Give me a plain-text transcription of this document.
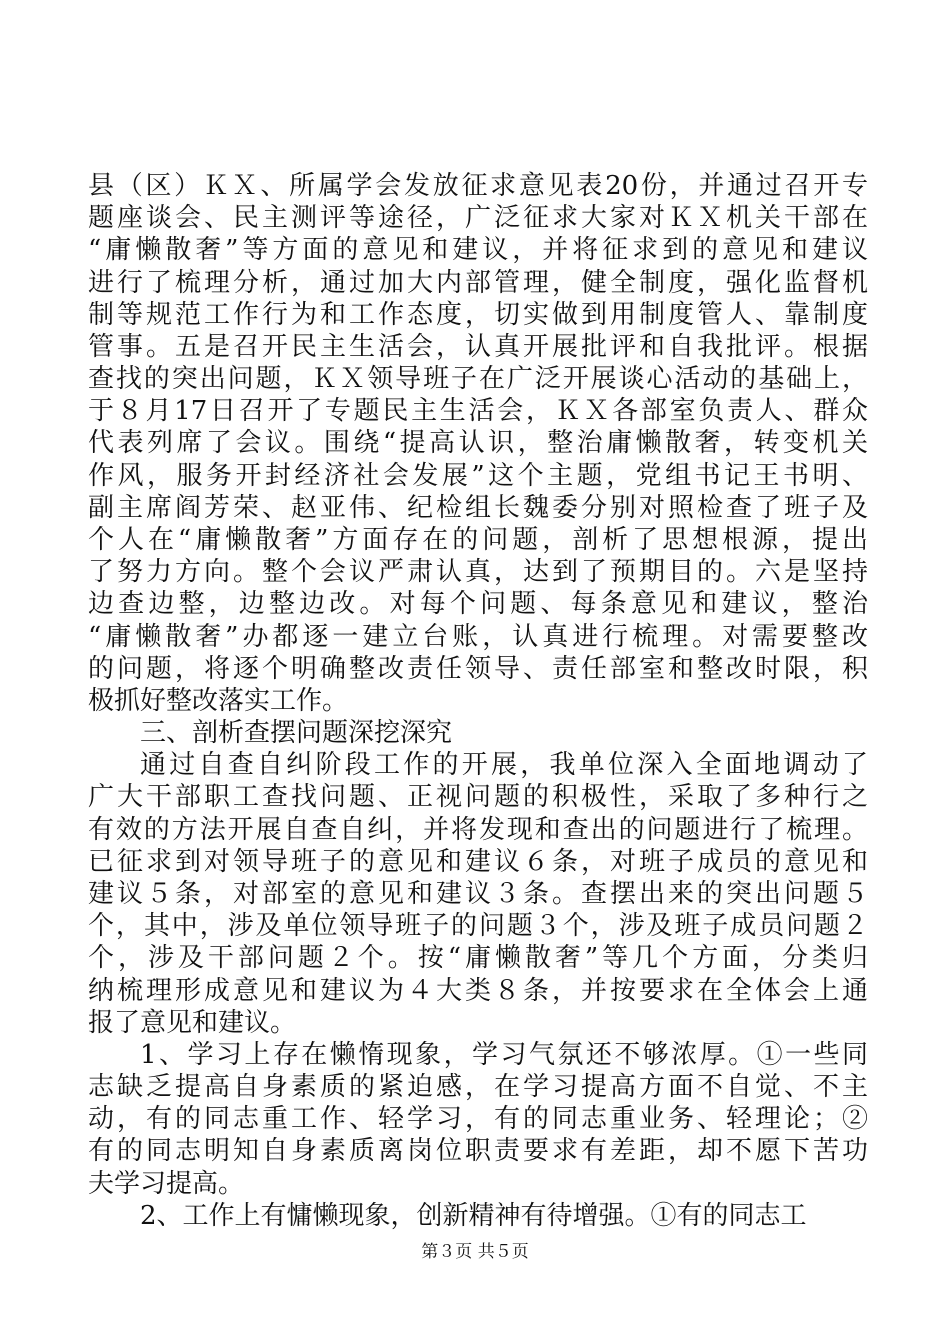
县（区）ＫＸ、所属学会发放征求意见表20份，并通过召开专
题座谈会、民主测评等途径，广泛征求大家对ＫＸ机关干部在
“庸懒散奢”等方面的意见和建议，并将征求到的意见和建议
进行了梳理分析，通过加大内部管理，健全制度，强化监督机
制等规范工作行为和工作态度，切实做到用制度管人、靠制度
管事。五是召开民主生活会，认真开展批评和自我批评。根据
查找的突出问题，ＫＸ领导班子在广泛开展谈心活动的基础上，
于８月17日召开了专题民主生活会，ＫＸ各部室负责人、群众
代表列席了会议。围绕“提高认识，整治庸懒散奢，转变机关
作风，服务开封经济社会发展”这个主题，党组书记王书明、
副主席阎芳荣、赵亚伟、纪检组长魏委分别对照检查了班子及
个人在“庸懒散奢”方面存在的问题，剖析了思想根源，提出
了努力方向。整个会议严肃认真，达到了预期目的。六是坚持
边查边整，边整边改。对每个问题、每条意见和建议，整治
“庸懒散奢”办都逐一建立台账，认真进行梳理。对需要整改
的问题，将逐个明确整改责任领导、责任部室和整改时限，积
极抓好整改落实工作。
三、剖析查摆问题深挖深究
通过自查自纠阶段工作的开展，我单位深入全面地调动了
广大干部职工查找问题、正视问题的积极性，采取了多种行之
有效的方法开展自查自纠，并将发现和查出的问题进行了梳理。
已征求到对领导班子的意见和建议６条，对班子成员的意见和
建议５条，对部室的意见和建议３条。查摆出来的突出问题５
个，其中，涉及单位领导班子的问题３个，涉及班子成员问题２
个，涉及干部问题２个。按“庸懒散奢”等几个方面，分类归
纳梳理形成意见和建议为４大类８条，并按要求在全体会上通
报了意见和建议。
1、学习上存在懒惰现象，学习气氛还不够浓厚。①一些同
志缺乏提高自身素质的紧迫感，在学习提高方面不自觉、不主
动，有的同志重工作、轻学习，有的同志重业务、轻理论；②
有的同志明知自身素质离岗位职责要求有差距，却不愿下苦功
夫学习提高。
2、工作上有慵懒现象，创新精神有待增强。①有的同志工
第３页 共５页
